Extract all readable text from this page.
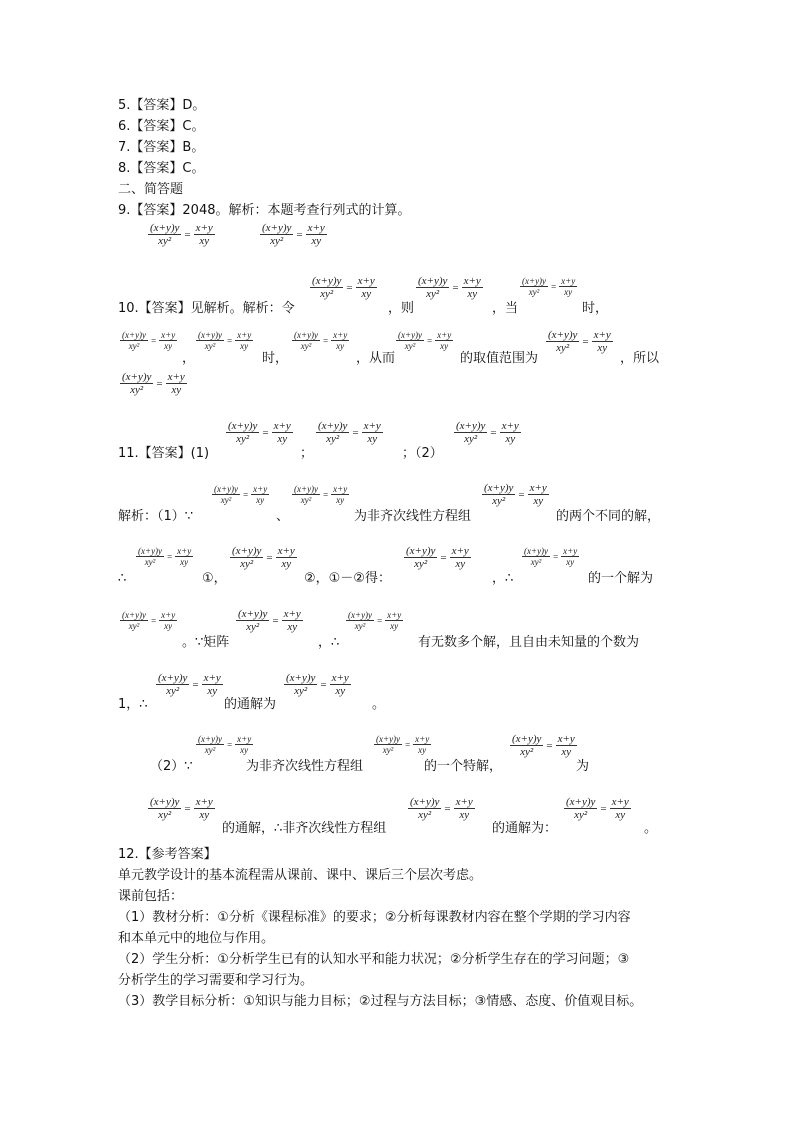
5.【答案】D。
6.【答案】C。
7.【答案】B。
8.【答案】C。
二、简答题
9.【答案】2048。解析：本题考查行列式的计算。
$\frac{(x+y)y}{\text{xy²}} = \frac{x+y}{xy}$	$\frac{(x+y)y}{\text{xy²}} = \frac{x+y}{xy}$
$\frac{(x+y)y}{\text{xy²}} = \frac{x+y}{xy}$	$\frac{(x+y)y}{\text{xy²}} = \frac{x+y}{xy}$	$\frac{(x+y)y}{\text{xy²}} = \frac{x+y}{xy}$
10.【答案】见解析。解析：令	，则	，当	时，
$\frac{(x+y)y}{\text{xy²}} = \frac{x+y}{xy}$
，
$\frac{(x+y)y}{\text{xy²}} = \frac{x+y}{xy}$
时，
$\frac{(x+y)y}{\text{xy²}} = \frac{x+y}{xy}$
，从而
$\frac{(x+y)y}{\text{xy²}} = \frac{x+y}{xy}$
的取值范围为
$\frac{(x+y)y}{\text{xy²}} = \frac{x+y}{xy}$
，所以
$\frac{(x+y)y}{\text{xy²}} = \frac{x+y}{xy}$
$\frac{(x+y)y}{\text{xy²}} = \frac{x+y}{xy} \frac{(x+y)y}{\text{xy²}} = \frac{x+y}{xy}$	$\frac{(x+y)y}{\text{xy²}} = \frac{x+y}{xy}$
11.【答案】(1)	；	；（2）
$\frac{(x+y)y}{\text{xy²}} = \frac{x+y}{xy}$	$\frac{(x+y)y}{\text{xy²}} = \frac{x+y}{xy}$	$\frac{(x+y)y}{\text{xy²}} = \frac{x+y}{xy}$
解析：（1）∵	、	为非齐次线性方程组	的两个不同的解，
$\frac{(x+y)y}{\text{xy²}} = \frac{x+y}{xy}$	$\frac{(x+y)y}{\text{xy²}} = \frac{x+y}{xy}$	$\frac{(x+y)y}{\text{xy²}} = \frac{x+y}{xy}$	$\frac{(x+y)y}{\text{xy²}} = \frac{x+y}{xy}$
∴	①，	②，①－②得：	，∴	的一个解为
$\frac{(x+y)y}{\text{xy²}} = \frac{x+y}{xy}$	$\frac{(x+y)y}{\text{xy²}} = \frac{x+y}{xy}$	$\frac{(x+y)y}{\text{xy²}} = \frac{x+y}{xy}$
。∵矩阵	，∴	有无数多个解，且自由未知量的个数为
$\frac{(x+y)y}{\text{xy²}} = \frac{x+y}{xy}$	$\frac{(x+y)y}{\text{xy²}} = \frac{x+y}{xy}$
1，∴	的通解为	。
$\frac{(x+y)y}{\text{xy²}} = \frac{x+y}{xy}$	$\frac{(x+y)y}{\text{xy²}} = \frac{x+y}{xy}$	$\frac{(x+y)y}{\text{xy²}} = \frac{x+y}{xy}$
（2）∵	为非齐次线性方程组	的一个特解，	为
$\frac{(x+y)y}{\text{xy²}} = \frac{x+y}{xy}$	$\frac{(x+y)y}{\text{xy²}} = \frac{x+y}{xy}$	$\frac{(x+y)y}{\text{xy²}} = \frac{x+y}{xy}$
的通解，∴非齐次线性方程组	的通解为：	。
12.【参考答案】
单元教学设计的基本流程需从课前、课中、课后三个层次考虑。
课前包括：
（1）教材分析：①分析《课程标准》的要求；②分析每课教材内容在整个学期的学习内容
和本单元中的地位与作用。
（2）学生分析：①分析学生已有的认知水平和能力状况；②分析学生存在的学习问题；③
分析学生的学习需要和学习行为。
（3）教学目标分析：①知识与能力目标；②过程与方法目标；③情感、态度、价值观目标。
